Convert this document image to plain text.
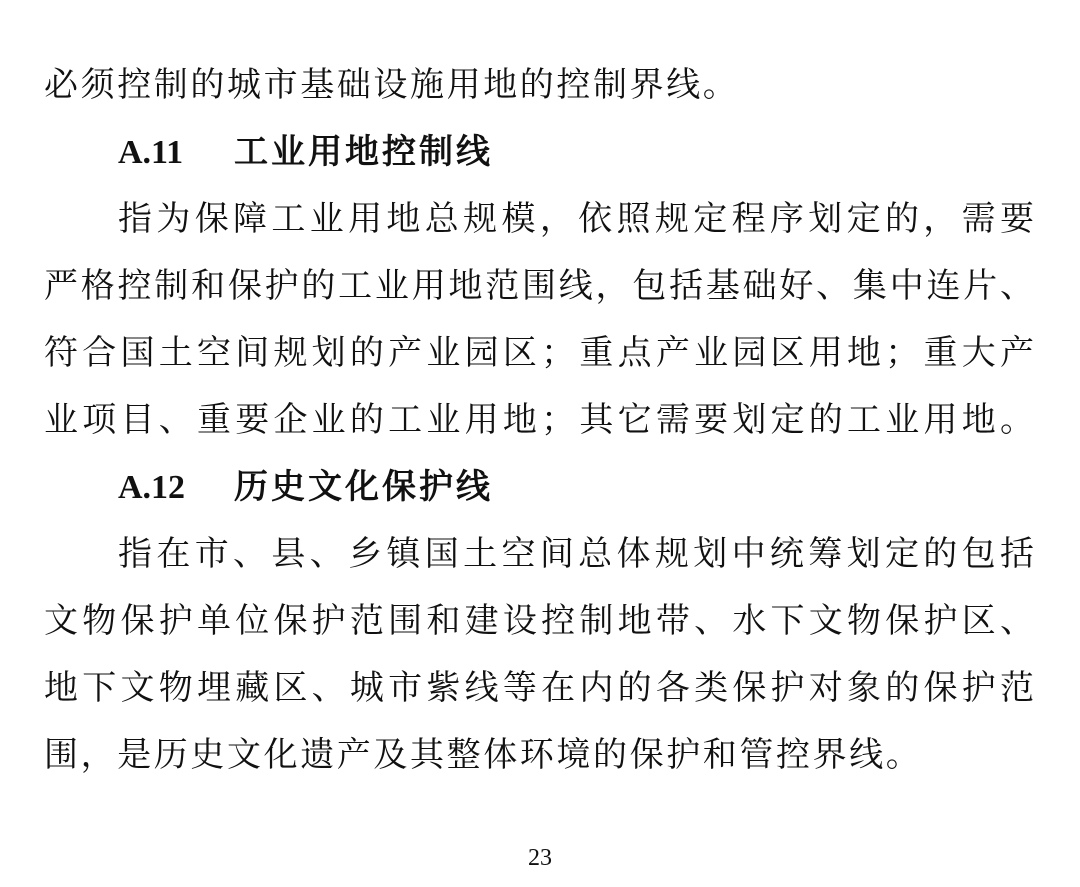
必须控制的城市基础设施用地的控制界线。
A.11 工业用地控制线
指为保障工业用地总规模，依照规定程序划定的，需要
严格控制和保护的工业用地范围线，包括基础好、集中连片、
符合国土空间规划的产业园区；重点产业园区用地；重大产
业项目、重要企业的工业用地；其它需要划定的工业用地。
A.12 历史文化保护线
指在市、县、乡镇国土空间总体规划中统筹划定的包括
文物保护单位保护范围和建设控制地带、水下文物保护区、
地下文物埋藏区、城市紫线等在内的各类保护对象的保护范
围，是历史文化遗产及其整体环境的保护和管控界线。
23
